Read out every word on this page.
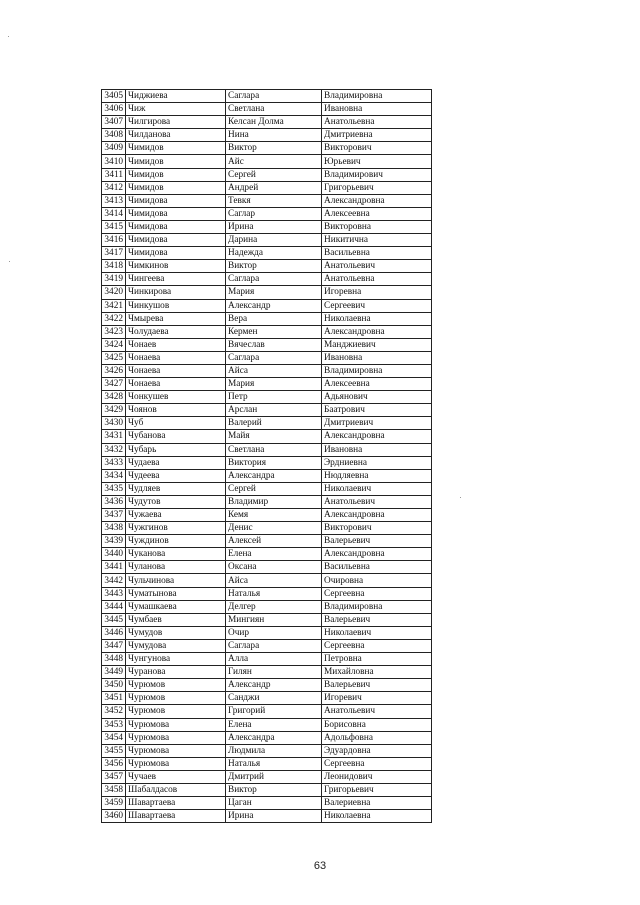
3405	Чиджиева	Саглара	Владимировна
3406	Чиж	Светлана	Ивановна
3407	Чилгирова	Келсан Долма	Анатольевна
3408	Чилданова	Нина	Дмитриевна
3409	Чимидов	Виктор	Викторович
3410	Чимидов	Айс	Юрьевич
3411	Чимидов	Сергей	Владимирович
3412	Чимидов	Андрей	Григорьевич
3413	Чимидова	Тевкя	Александровна
3414	Чимидова	Саглар	Алексеевна
3415	Чимидова	Ирина	Викторовна
3416	Чимидова	Дарина	Никитична
3417	Чимидова	Надежда	Васильевна
3418	Чимкинов	Виктор	Анатольевич
3419	Чингеева	Саглара	Анатольевна
3420	Чинкирова	Мария	Игоревна
3421	Чинкушов	Александр	Сергеевич
3422	Чмырева	Вера	Николаевна
3423	Чолудаева	Кермен	Александровна
3424	Чонаев	Вячеслав	Манджиевич
3425	Чонаева	Саглара	Ивановна
3426	Чонаева	Айса	Владимировна
3427	Чонаева	Мария	Алексеевна
3428	Чонкушев	Петр	Адьянович
3429	Чоянов	Арслан	Баатрович
3430	Чуб	Валерий	Дмитриевич
3431	Чубанова	Майя	Александровна
3432	Чубарь	Светлана	Ивановна
3433	Чудаева	Виктория	Эрдниевна
3434	Чудеева	Александра	Нюдляевна
3435	Чудляев	Сергей	Николаевич
3436	Чудутов	Владимир	Анатольевич
3437	Чужаева	Кемя	Александровна
3438	Чужгинов	Денис	Викторович
3439	Чуждинов	Алексей	Валерьевич
3440	Чуканова	Елена	Александровна
3441	Чуланова	Оксана	Васильевна
3442	Чульчинова	Айса	Очировна
3443	Чуматынова	Наталья	Сергеевна
3444	Чумашкаева	Делгер	Владимировна
3445	Чумбаев	Мингиян	Валерьевич
3446	Чумудов	Очир	Николаевич
3447	Чумудова	Саглара	Сергеевна
3448	Чунгунова	Алла	Петровна
3449	Чуранова	Гилян	Михайловна
3450	Чурюмов	Александр	Валерьевич
3451	Чурюмов	Санджи	Игоревич
3452	Чурюмов	Григорий	Анатольевич
3453	Чурюмова	Елена	Борисовна
3454	Чурюмова	Александра	Адольфовна
3455	Чурюмова	Людмила	Эдуардовна
3456	Чурюмова	Наталья	Сергеевна
3457	Чучаев	Дмитрий	Леонидович
3458	Шабалдасов	Виктор	Григорьевич
3459	Шавартаева	Цаган	Валериевна
3460	Шавартаева	Ирина	Николаевна
63
